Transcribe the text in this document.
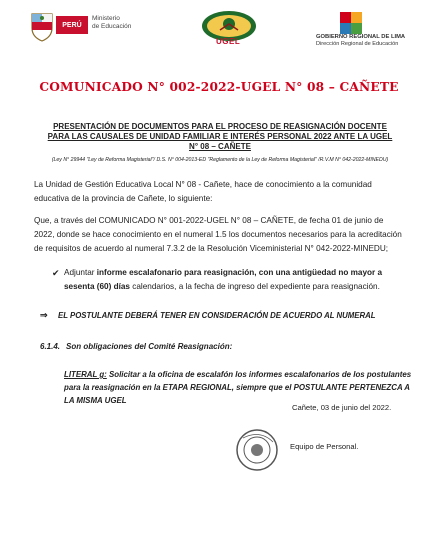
PERÚ
Ministerio
de Educación
UGEL	GOBIERNO REGIONAL DE LIMA
Dirección Regional de Educación
COMUNICADO N° 002-2022-UGEL N° 08 – CAÑETE
PRESENTACIÓN DE DOCUMENTOS PARA EL PROCESO DE REASIGNACIÓN DOCENTE
PARA LAS CAUSALES DE UNIDAD FAMILIAR E INTERÉS PERSONAL 2022 ANTE LA UGEL
N° 08 – CAÑETE
(Ley N° 29944 "Ley de Reforma Magisterial"/ D.S. N° 004-2013-ED "Reglamento de la Ley de Reforma Magisterial" /R.V.M N° 042-2022-MINEDU)
La Unidad de Gestión Educativa Local N° 08 - Cañete, hace de conocimiento a la comunidad educativa de la provincia de Cañete, lo siguiente:
Que, a través del COMUNICADO N° 001-2022-UGEL N° 08 – CAÑETE, de fecha 01 de junio de 2022, donde se hace conocimiento en el numeral 1.5 los documentos necesarios para la acreditación de requisitos de acuerdo al numeral 7.3.2 de la Resolución Viceministerial N° 042-2022-MINEDU;
✔ Adjuntar informe escalafonario para reasignación, con una antigüedad no mayor a sesenta (60) días calendarios, a la fecha de ingreso del expediente para reasignación.
⇒ EL POSTULANTE DEBERÁ TENER EN CONSIDERACIÓN DE ACUERDO AL NUMERAL
6.1.4. Son obligaciones del Comité Reasignación:
LITERAL g: Solicitar a la oficina de escalafón los informes escalafonarios de los postulantes para la reasignación en la ETAPA REGIONAL, siempre que el POSTULANTE PERTENEZCA A LA MISMA UGEL
Cañete, 03 de junio del 2022.
Equipo de Personal.
